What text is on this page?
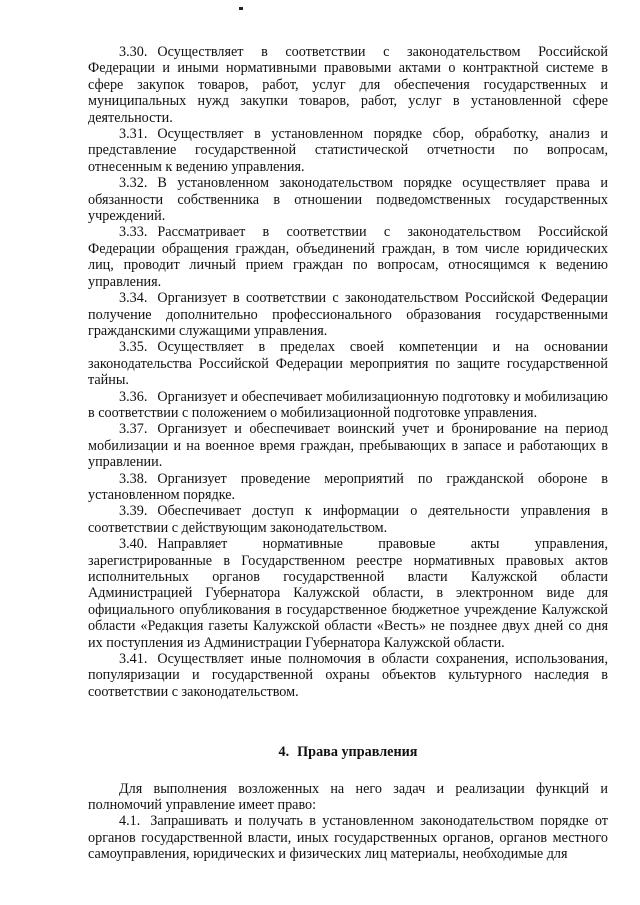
3.30. Осуществляет в соответствии с законодательством Российской Федерации и иными нормативными правовыми актами о контрактной системе в сфере закупок товаров, работ, услуг для обеспечения государственных и муниципальных нужд закупки товаров, работ, услуг в установленной сфере деятельности.

3.31. Осуществляет в установленном порядке сбор, обработку, анализ и представление государственной статистической отчетности по вопросам, отнесенным к ведению управления.

3.32. В установленном законодательством порядке осуществляет права и обязанности собственника в отношении подведомственных государственных учреждений.

3.33. Рассматривает в соответствии с законодательством Российской Федерации обращения граждан, объединений граждан, в том числе юридических лиц, проводит личный прием граждан по вопросам, относящимся к ведению управления.

3.34. Организует в соответствии с законодательством Российской Федерации получение дополнительно профессионального образования государственными гражданскими служащими управления.

3.35. Осуществляет в пределах своей компетенции и на основании законодательства Российской Федерации мероприятия по защите государственной тайны.

3.36. Организует и обеспечивает мобилизационную подготовку и мобилизацию в соответствии с положением о мобилизационной подготовке управления.

3.37. Организует и обеспечивает воинский учет и бронирование на период мобилизации и на военное время граждан, пребывающих в запасе и работающих в управлении.

3.38. Организует проведение мероприятий по гражданской обороне в установленном порядке.

3.39. Обеспечивает доступ к информации о деятельности управления в соответствии с действующим законодательством.

3.40. Направляет нормативные правовые акты управления, зарегистрированные в Государственном реестре нормативных правовых актов исполнительных органов государственной власти Калужской области Администрацией Губернатора Калужской области, в электронном виде для официального опубликования в государственное бюджетное учреждение Калужской области «Редакция газеты Калужской области «Весть» не позднее двух дней со дня их поступления из Администрации Губернатора Калужской области.

3.41. Осуществляет иные полномочия в области сохранения, использования, популяризации и государственной охраны объектов культурного наследия в соответствии с законодательством.

4. Права управления

Для выполнения возложенных на него задач и реализации функций и полномочий управление имеет право:

4.1. Запрашивать и получать в установленном законодательством порядке от органов государственной власти, иных государственных органов, органов местного самоуправления, юридических и физических лиц материалы, необходимые для
